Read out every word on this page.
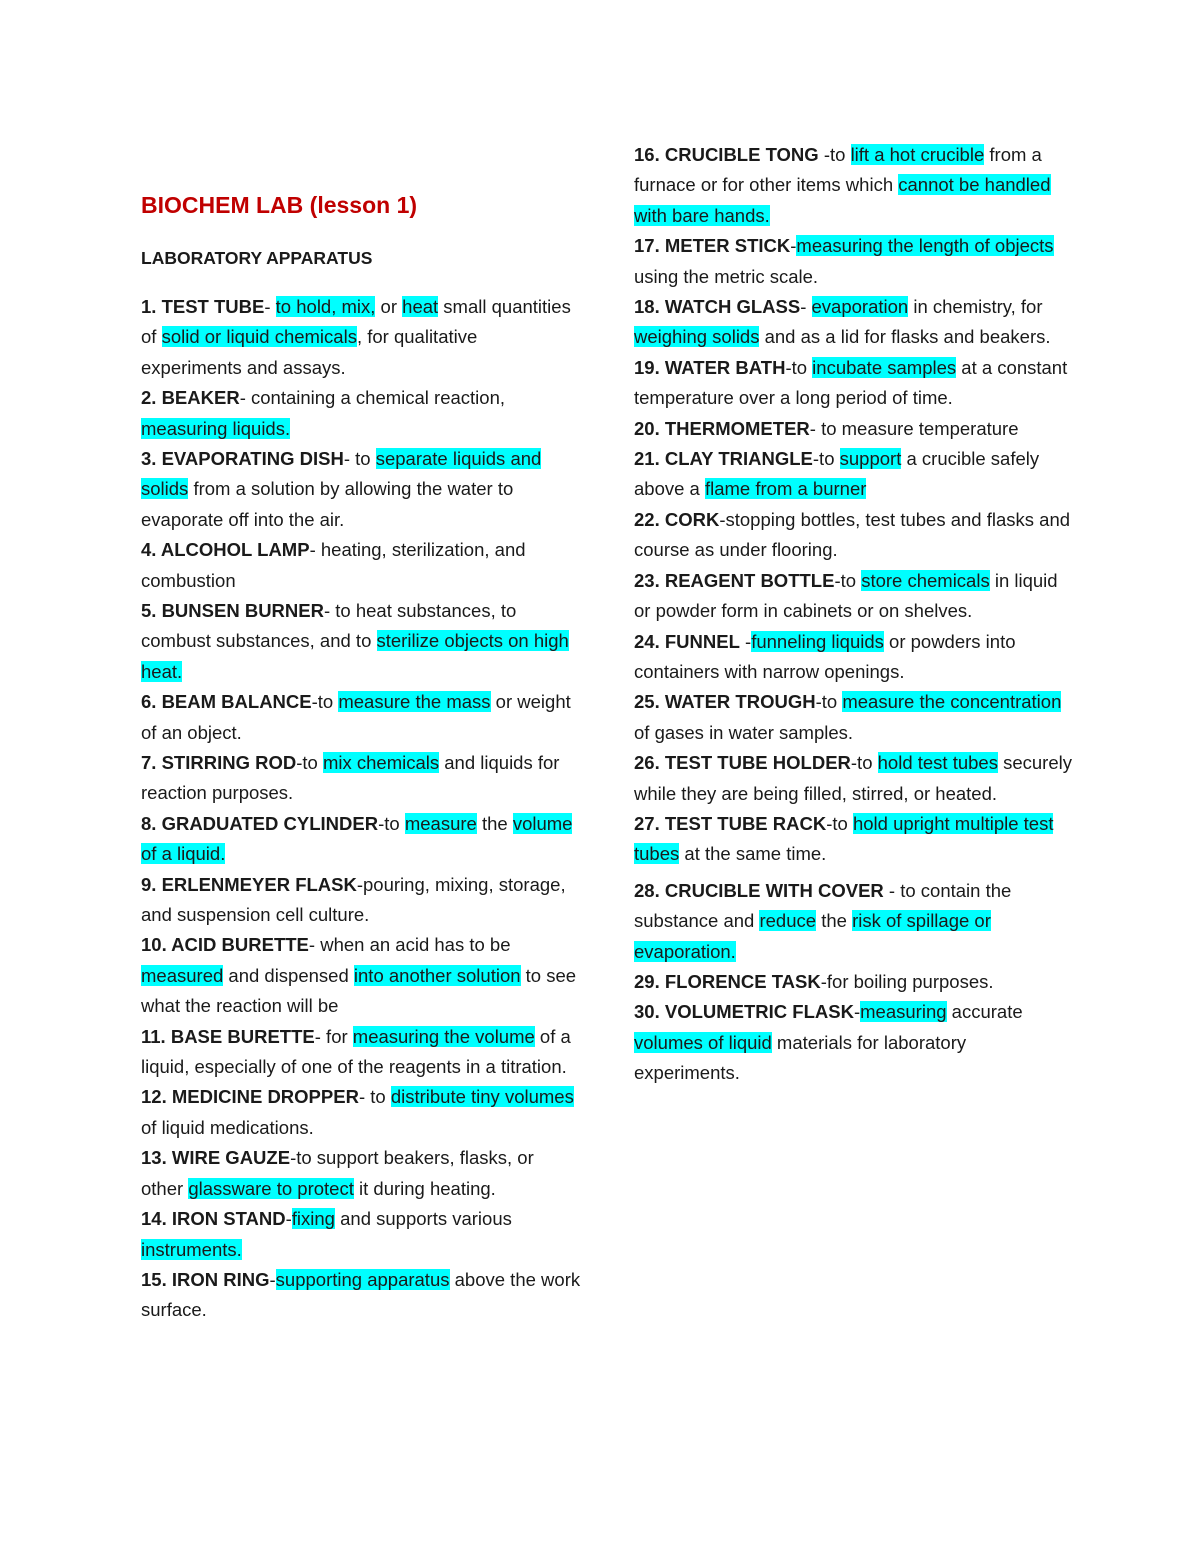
BIOCHEM LAB (lesson 1)
LABORATORY APPARATUS

1. TEST TUBE- to hold, mix, or heat small quantities of solid or liquid chemicals, for qualitative experiments and assays.

2. BEAKER- containing a chemical reaction, measuring liquids.

3. EVAPORATING DISH- to separate liquids and solids from a solution by allowing the water to evaporate off into the air.

4. ALCOHOL LAMP- heating, sterilization, and combustion

5. BUNSEN BURNER- to heat substances, to combust substances, and to sterilize objects on high heat.

6. BEAM BALANCE-to measure the mass or weight of an object.

7. STIRRING ROD-to mix chemicals and liquids for reaction purposes.

8. GRADUATED CYLINDER-to measure the volume of a liquid.

9. ERLENMEYER FLASK-pouring, mixing, storage, and suspension cell culture.

10. ACID BURETTE- when an acid has to be measured and dispensed into another solution to see what the reaction will be

11. BASE BURETTE- for measuring the volume of a liquid, especially of one of the reagents in a titration.

12. MEDICINE DROPPER- to distribute tiny volumes of liquid medications.

13. WIRE GAUZE-to support beakers, flasks, or other glassware to protect it during heating.

14. IRON STAND-fixing and supports various instruments.

15. IRON RING-supporting apparatus above the work surface.

16. CRUCIBLE TONG -to lift a hot crucible from a furnace or for other items which cannot be handled with bare hands.

17. METER STICK-measuring the length of objects using the metric scale.

18. WATCH GLASS- evaporation in chemistry, for weighing solids and as a lid for flasks and beakers.

19. WATER BATH-to incubate samples at a constant temperature over a long period of time.

20. THERMOMETER- to measure temperature

21. CLAY TRIANGLE-to support a crucible safely above a flame from a burner

22. CORK-stopping bottles, test tubes and flasks and course as under flooring.

23. REAGENT BOTTLE-to store chemicals in liquid or powder form in cabinets or on shelves.

24. FUNNEL -funneling liquids or powders into containers with narrow openings.

25. WATER TROUGH-to measure the concentration of gases in water samples.

26. TEST TUBE HOLDER-to hold test tubes securely while they are being filled, stirred, or heated.

27. TEST TUBE RACK-to hold upright multiple test tubes at the same time.

28. CRUCIBLE WITH COVER - to contain the substance and reduce the risk of spillage or evaporation.

29. FLORENCE TASK-for boiling purposes.

30. VOLUMETRIC FLASK-measuring accurate volumes of liquid materials for laboratory experiments.
